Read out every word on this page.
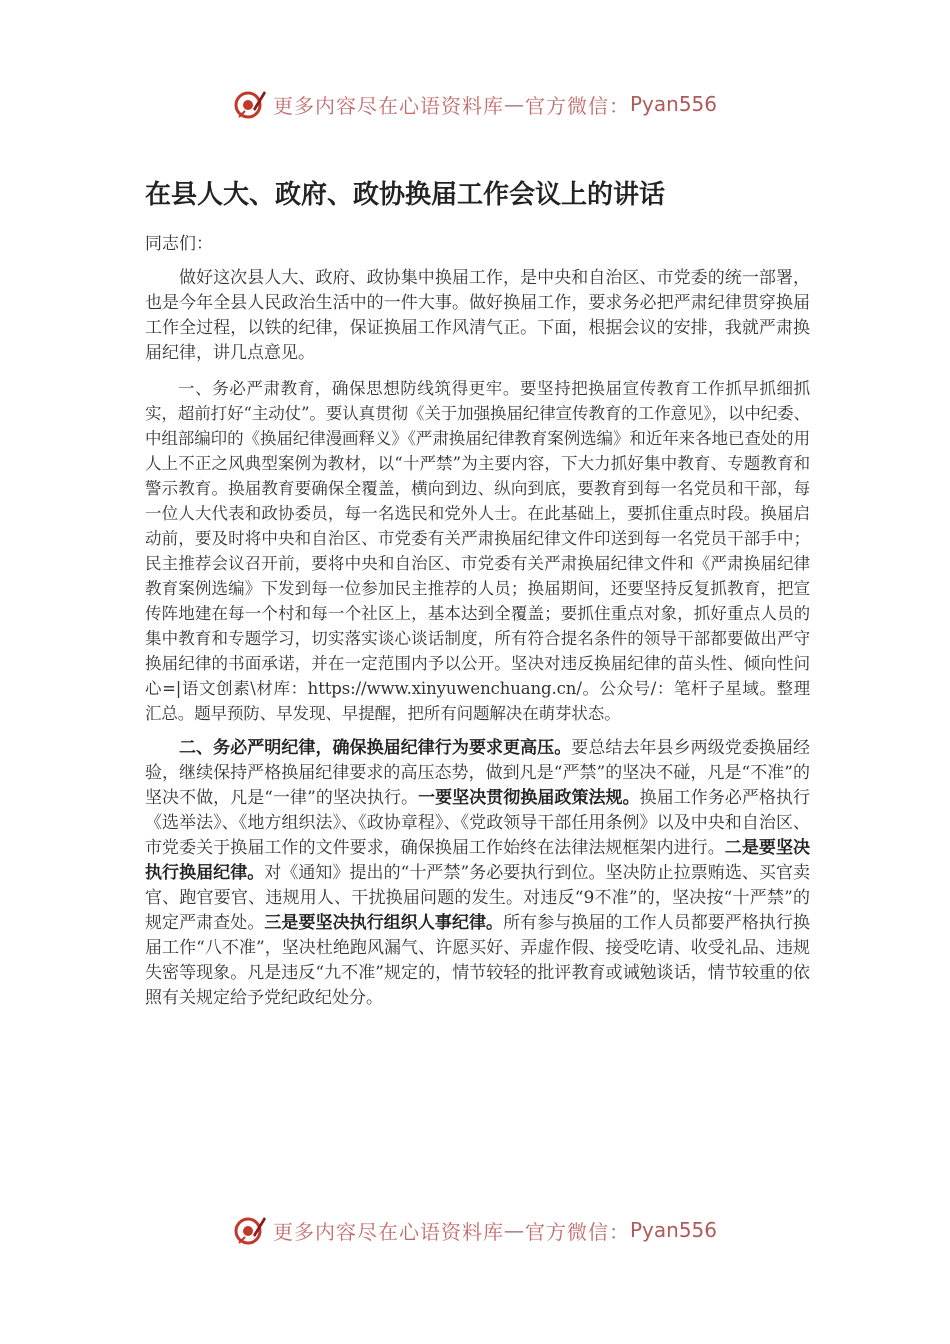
更多内容尽在心语资料库 — 官方微信： Pyan556
在县人大、政府、政协换届工作会议上的讲话

同志们：

做好这次县人大、政府、政协集中换届工作，是中央和自治区、市党委的统一部署，也是今年全县人民政治生活中的一件大事。做好换届工作，要求务必把严肃纪律贯穿换届工作全过程，以铁的纪律，保证换届工作风清气正。下面，根据会议的安排，我就严肃换届纪律，讲几点意见。

一、务必严肃教育，确保思想防线筑得更牢。要坚持把换届宣传教育工作抓早抓细抓实，超前打好“主动仗”。要认真贯彻《关于加强换届纪律宣传教育的工作意见》，以中纪委、中组部编印的《换届纪律漫画释义》《严肃换届纪律教育案例选编》和近年来各地已查处的用人上不正之风典型案例为教材，以“十严禁”为主要内容，下大力抓好集中教育、专题教育和警示教育。换届教育要确保全覆盖，横向到边、纵向到底，要教育到每一名党员和干部，每一位人大代表和政协委员，每一名选民和党外人士。在此基础上，要抓住重点时段。换届启动前，要及时将中央和自治区、市党委有关严肃换届纪律文件印送到每一名党员干部手中；民主推荐会议召开前，要将中央和自治区、市党委有关严肃换届纪律文件和《严肃换届纪律教育案例选编》下发到每一位参加民主推荐的人员；换届期间，还要坚持反复抓教育，把宣传阵地建在每一个村和每一个社区上，基本达到全覆盖；要抓住重点对象，抓好重点人员的集中教育和专题学习，切实落实谈心谈话制度，所有符合提名条件的领导干部都要做出严守换届纪律的书面承诺，并在一定范围内予以公开。坚决对违反换届纪律的苗头性、倾向性问心=|语文创素\材库：https://www.xinyuwenchuang.cn/。公众号/：笔杆子星域。整理汇总。题早预防、早发现、早提醒，把所有问题解决在萌芽状态。

二、务必严明纪律，确保换届纪律行为要求更高压。要总结去年县乡两级党委换届经验，继续保持严格换届纪律要求的高压态势，做到凡是“严禁”的坚决不碰，凡是“不准”的坚决不做，凡是“一律”的坚决执行。一要坚决贯彻换届政策法规。换届工作务必严格执行《选举法》、《地方组织法》、《政协章程》、《党政领导干部任用条例》以及中央和自治区、市党委关于换届工作的文件要求，确保换届工作始终在法律法规框架内进行。二是要坚决执行换届纪律。对《通知》提出的“十严禁”务必要执行到位。坚决防止拉票贿选、买官卖官、跑官要官、违规用人、干扰换届问题的发生。对违反“9不准”的，坚决按“十严禁”的规定严肃查处。三是要坚决执行组织人事纪律。所有参与换届的工作人员都要严格执行换届工作“八不准”，坚决杜绝跑风漏气、许愿买好、弄虚作假、接受吃请、收受礼品、违规失密等现象。凡是违反“九不准”规定的，情节较轻的批评教育或诫勉谈话，情节较重的依照有关规定给予党纪政纪处分。

更多内容尽在心语资料库 — 官方微信： Pyan556
